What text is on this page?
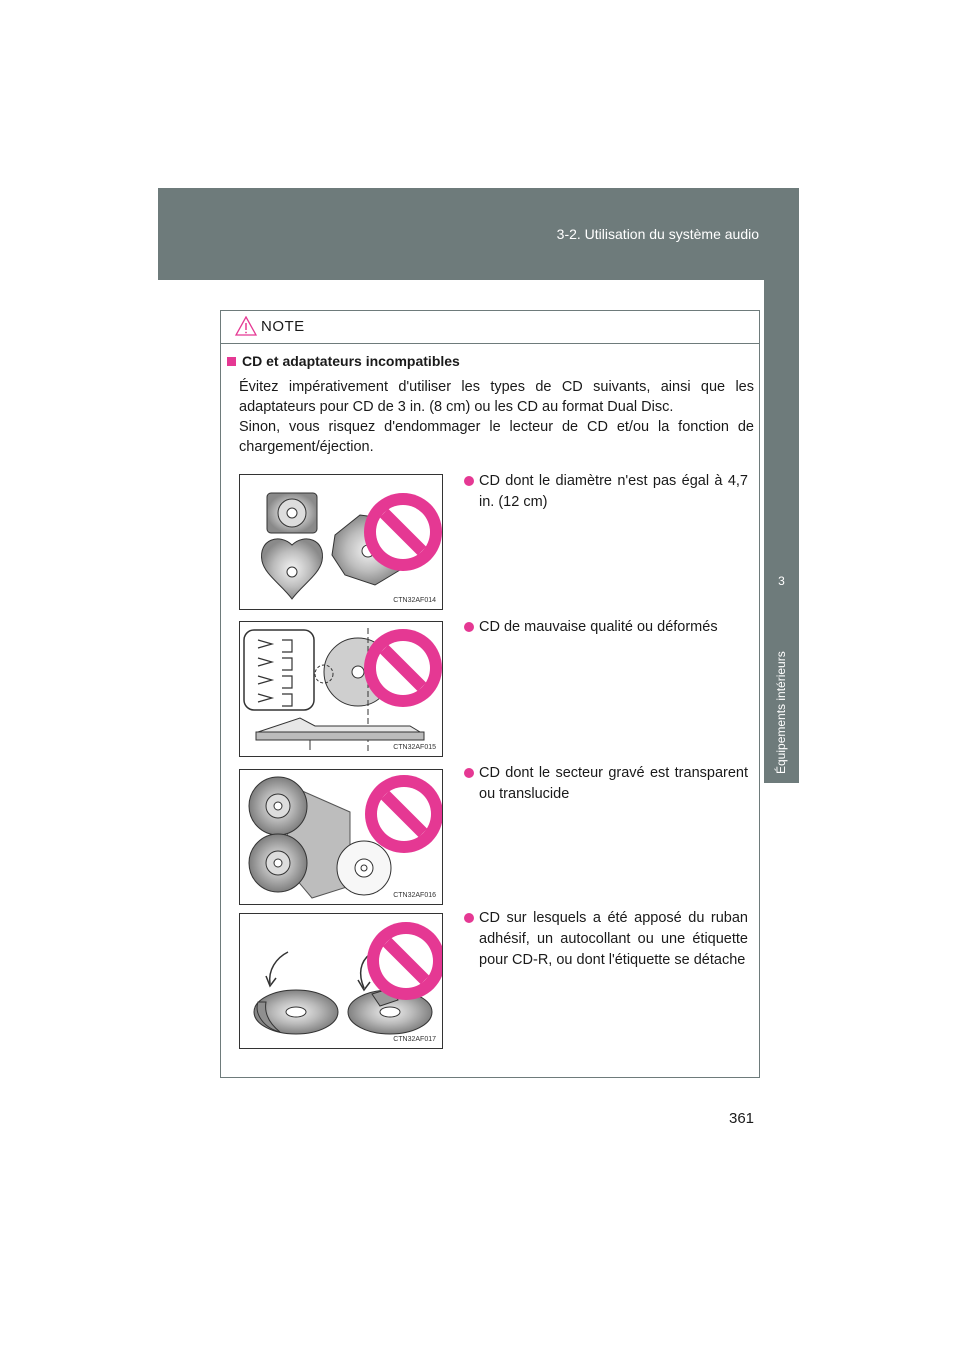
3-2. Utilisation du système audio
3
Équipements intérieurs
NOTE
CD et adaptateurs incompatibles

Évitez impérativement d'utiliser les types de CD suivants, ainsi que les adaptateurs pour CD de 3 in. (8 cm) ou les CD au format Dual Disc.

Sinon, vous risquez d'endommager le lecteur de CD et/ou la fonction de chargement/éjection.

CTN32AF014
CD dont le diamètre n'est pas égal à 4,7 in. (12 cm)
CTN32AF015
CD de mauvaise qualité ou déformés
CTN32AF016
CD dont le secteur gravé est transparent ou translucide
CTN32AF017
CD sur lesquels a été apposé du ruban adhésif, un autocollant ou une étiquette pour CD-R, ou dont l'étiquette se détache
361
